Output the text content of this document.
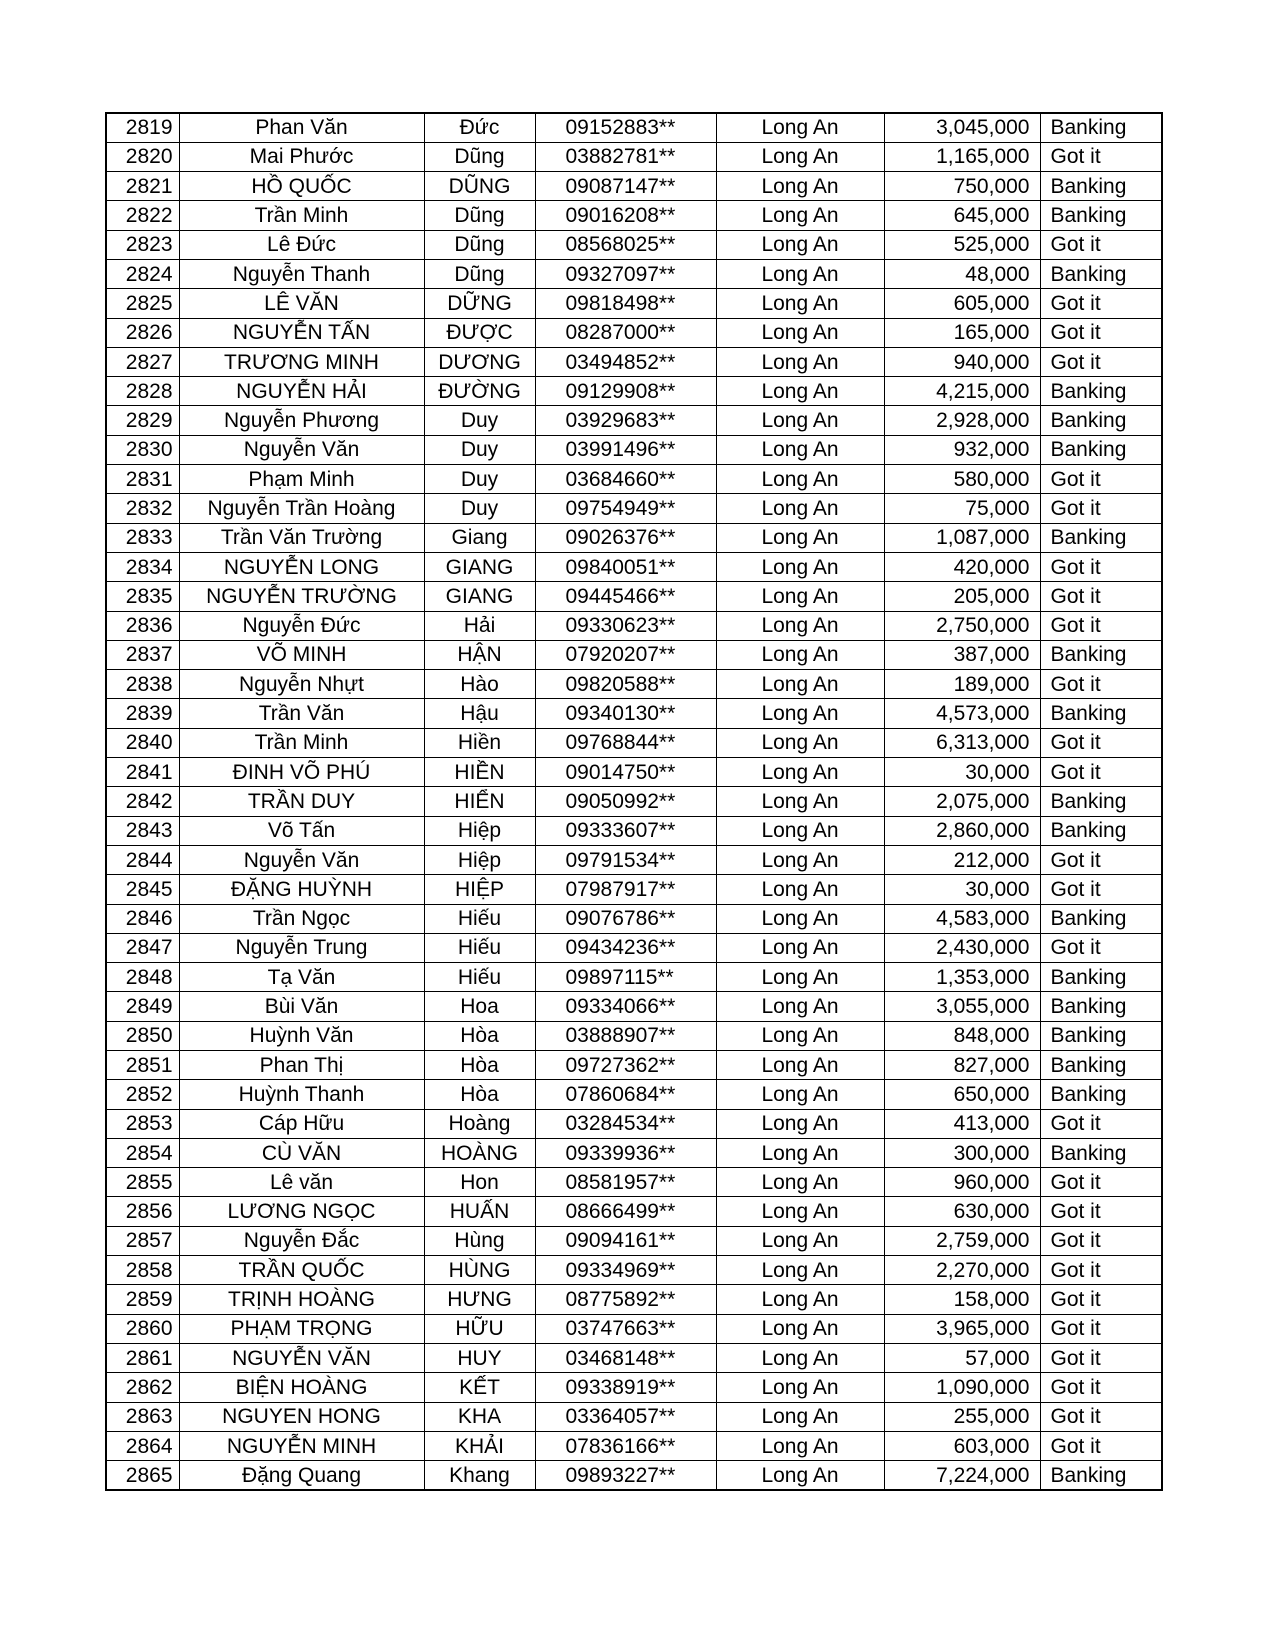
2819	Phan Văn	Đức	09152883**	Long An	3,045,000	Banking
2820	Mai Phước	Dũng	03882781**	Long An	1,165,000	Got it
2821	HỒ QUỐC	DŨNG	09087147**	Long An	750,000	Banking
2822	Trần Minh	Dũng	09016208**	Long An	645,000	Banking
2823	Lê Đức	Dũng	08568025**	Long An	525,000	Got it
2824	Nguyễn Thanh	Dũng	09327097**	Long An	48,000	Banking
2825	LÊ VĂN	DỮNG	09818498**	Long An	605,000	Got it
2826	NGUYỄN TẤN	ĐƯỢC	08287000**	Long An	165,000	Got it
2827	TRƯƠNG MINH	DƯƠNG	03494852**	Long An	940,000	Got it
2828	NGUYỄN HẢI	ĐƯỜNG	09129908**	Long An	4,215,000	Banking
2829	Nguyễn Phương	Duy	03929683**	Long An	2,928,000	Banking
2830	Nguyễn Văn	Duy	03991496**	Long An	932,000	Banking
2831	Phạm Minh	Duy	03684660**	Long An	580,000	Got it
2832	Nguyễn Trần Hoàng	Duy	09754949**	Long An	75,000	Got it
2833	Trần Văn Trường	Giang	09026376**	Long An	1,087,000	Banking
2834	NGUYỄN LONG	GIANG	09840051**	Long An	420,000	Got it
2835	NGUYỄN TRƯỜNG	GIANG	09445466**	Long An	205,000	Got it
2836	Nguyễn Đức	Hải	09330623**	Long An	2,750,000	Got it
2837	VÕ MINH	HẬN	07920207**	Long An	387,000	Banking
2838	Nguyễn Nhựt	Hào	09820588**	Long An	189,000	Got it
2839	Trần Văn	Hậu	09340130**	Long An	4,573,000	Banking
2840	Trần Minh	Hiền	09768844**	Long An	6,313,000	Got it
2841	ĐINH VÕ PHÚ	HIỀN	09014750**	Long An	30,000	Got it
2842	TRẦN DUY	HIỂN	09050992**	Long An	2,075,000	Banking
2843	Võ Tấn	Hiệp	09333607**	Long An	2,860,000	Banking
2844	Nguyễn Văn	Hiệp	09791534**	Long An	212,000	Got it
2845	ĐẶNG HUỲNH	HIỆP	07987917**	Long An	30,000	Got it
2846	Trần Ngọc	Hiếu	09076786**	Long An	4,583,000	Banking
2847	Nguyễn Trung	Hiếu	09434236**	Long An	2,430,000	Got it
2848	Tạ Văn	Hiếu	09897115**	Long An	1,353,000	Banking
2849	Bùi Văn	Hoa	09334066**	Long An	3,055,000	Banking
2850	Huỳnh Văn	Hòa	03888907**	Long An	848,000	Banking
2851	Phan Thị	Hòa	09727362**	Long An	827,000	Banking
2852	Huỳnh Thanh	Hòa	07860684**	Long An	650,000	Banking
2853	Cáp Hữu	Hoàng	03284534**	Long An	413,000	Got it
2854	CÙ VĂN	HOÀNG	09339936**	Long An	300,000	Banking
2855	Lê văn	Hon	08581957**	Long An	960,000	Got it
2856	LƯƠNG NGỌC	HUẤN	08666499**	Long An	630,000	Got it
2857	Nguyễn Đắc	Hùng	09094161**	Long An	2,759,000	Got it
2858	TRẦN QUỐC	HÙNG	09334969**	Long An	2,270,000	Got it
2859	TRỊNH HOÀNG	HƯNG	08775892**	Long An	158,000	Got it
2860	PHẠM TRỌNG	HỮU	03747663**	Long An	3,965,000	Got it
2861	NGUYỄN VĂN	HUY	03468148**	Long An	57,000	Got it
2862	BIỆN HOÀNG	KẾT	09338919**	Long An	1,090,000	Got it
2863	NGUYEN HONG	KHA	03364057**	Long An	255,000	Got it
2864	NGUYỄN MINH	KHẢI	07836166**	Long An	603,000	Got it
2865	Đặng Quang	Khang	09893227**	Long An	7,224,000	Banking
